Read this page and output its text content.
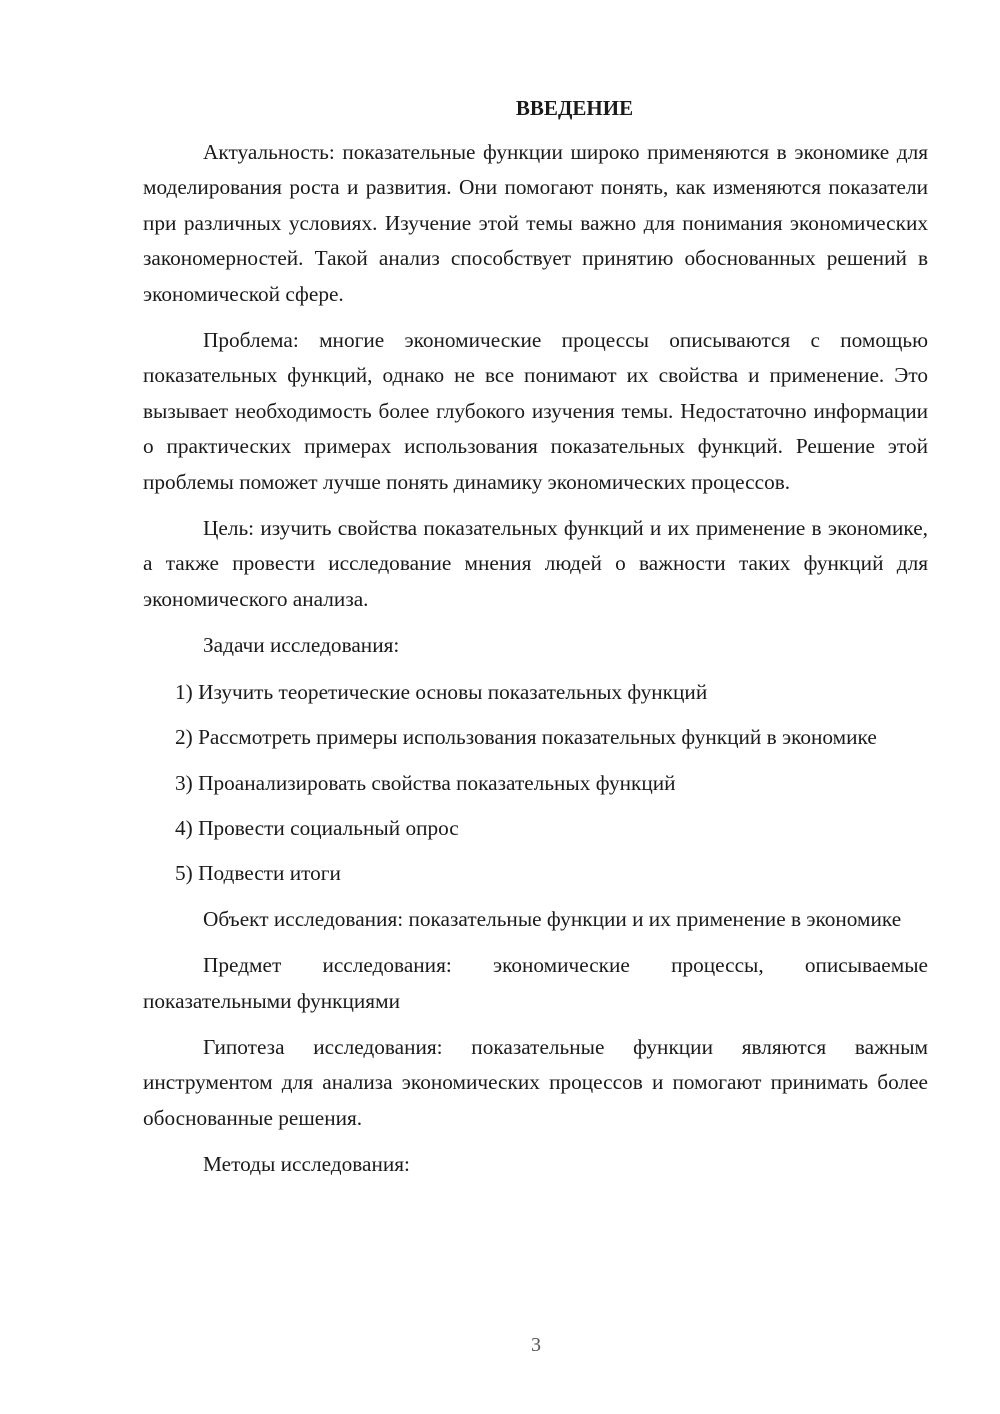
ВВЕДЕНИЕ

Актуальность: показательные функции широко применяются в экономике для моделирования роста и развития. Они помогают понять, как изменяются показатели при различных условиях. Изучение этой темы важно для понимания экономических закономерностей. Такой анализ способствует принятию обоснованных решений в экономической сфере.

Проблема: многие экономические процессы описываются с помощью показательных функций, однако не все понимают их свойства и применение. Это вызывает необходимость более глубокого изучения темы. Недостаточно информации о практических примерах использования показательных функций. Решение этой проблемы поможет лучше понять динамику экономических процессов.

Цель: изучить свойства показательных функций и их применение в экономике, а также провести исследование мнения людей о важности таких функций для экономического анализа.

Задачи исследования:

1) Изучить теоретические основы показательных функций

2) Рассмотреть примеры использования показательных функций в экономике

3) Проанализировать свойства показательных функций

4) Провести социальный опрос

5) Подвести итоги

Объект исследования: показательные функции и их применение в экономике

Предмет исследования: экономические процессы, описываемые показательными функциями

Гипотеза исследования: показательные функции являются важным инструментом для анализа экономических процессов и помогают принимать более обоснованные решения.

Методы исследования:

3
